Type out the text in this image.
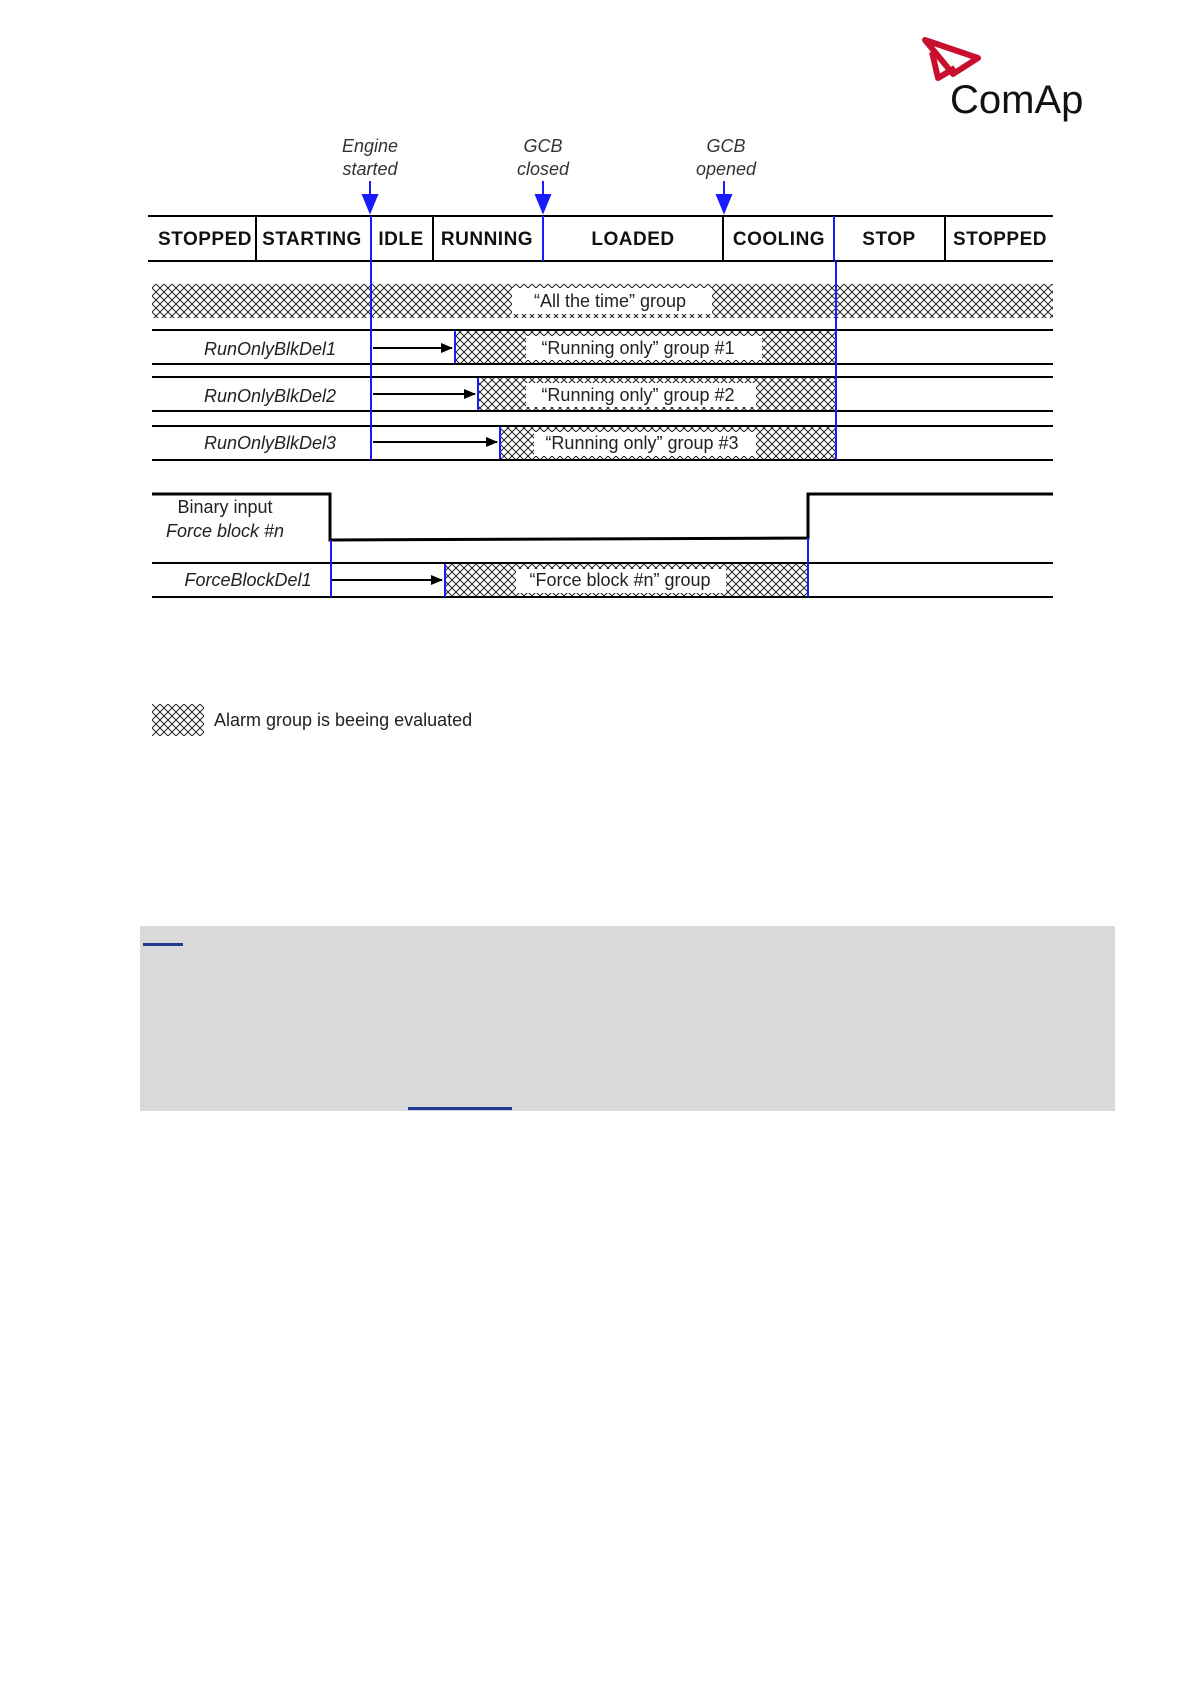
ComAp
Engine
started
GCB
closed
GCB
opened
STOPPED STARTING IDLE RUNNING	LOADED	COOLING STOP STOPPED
“All the time” group
“Running only” group #1
RunOnlyBlkDel1
“Running only” group #2
RunOnlyBlkDel2
“Running only” group #3
RunOnlyBlkDel3
Binary input
Force block #n
“Force block #n” group
ForceBlockDel1
Alarm group is beeing evaluated
